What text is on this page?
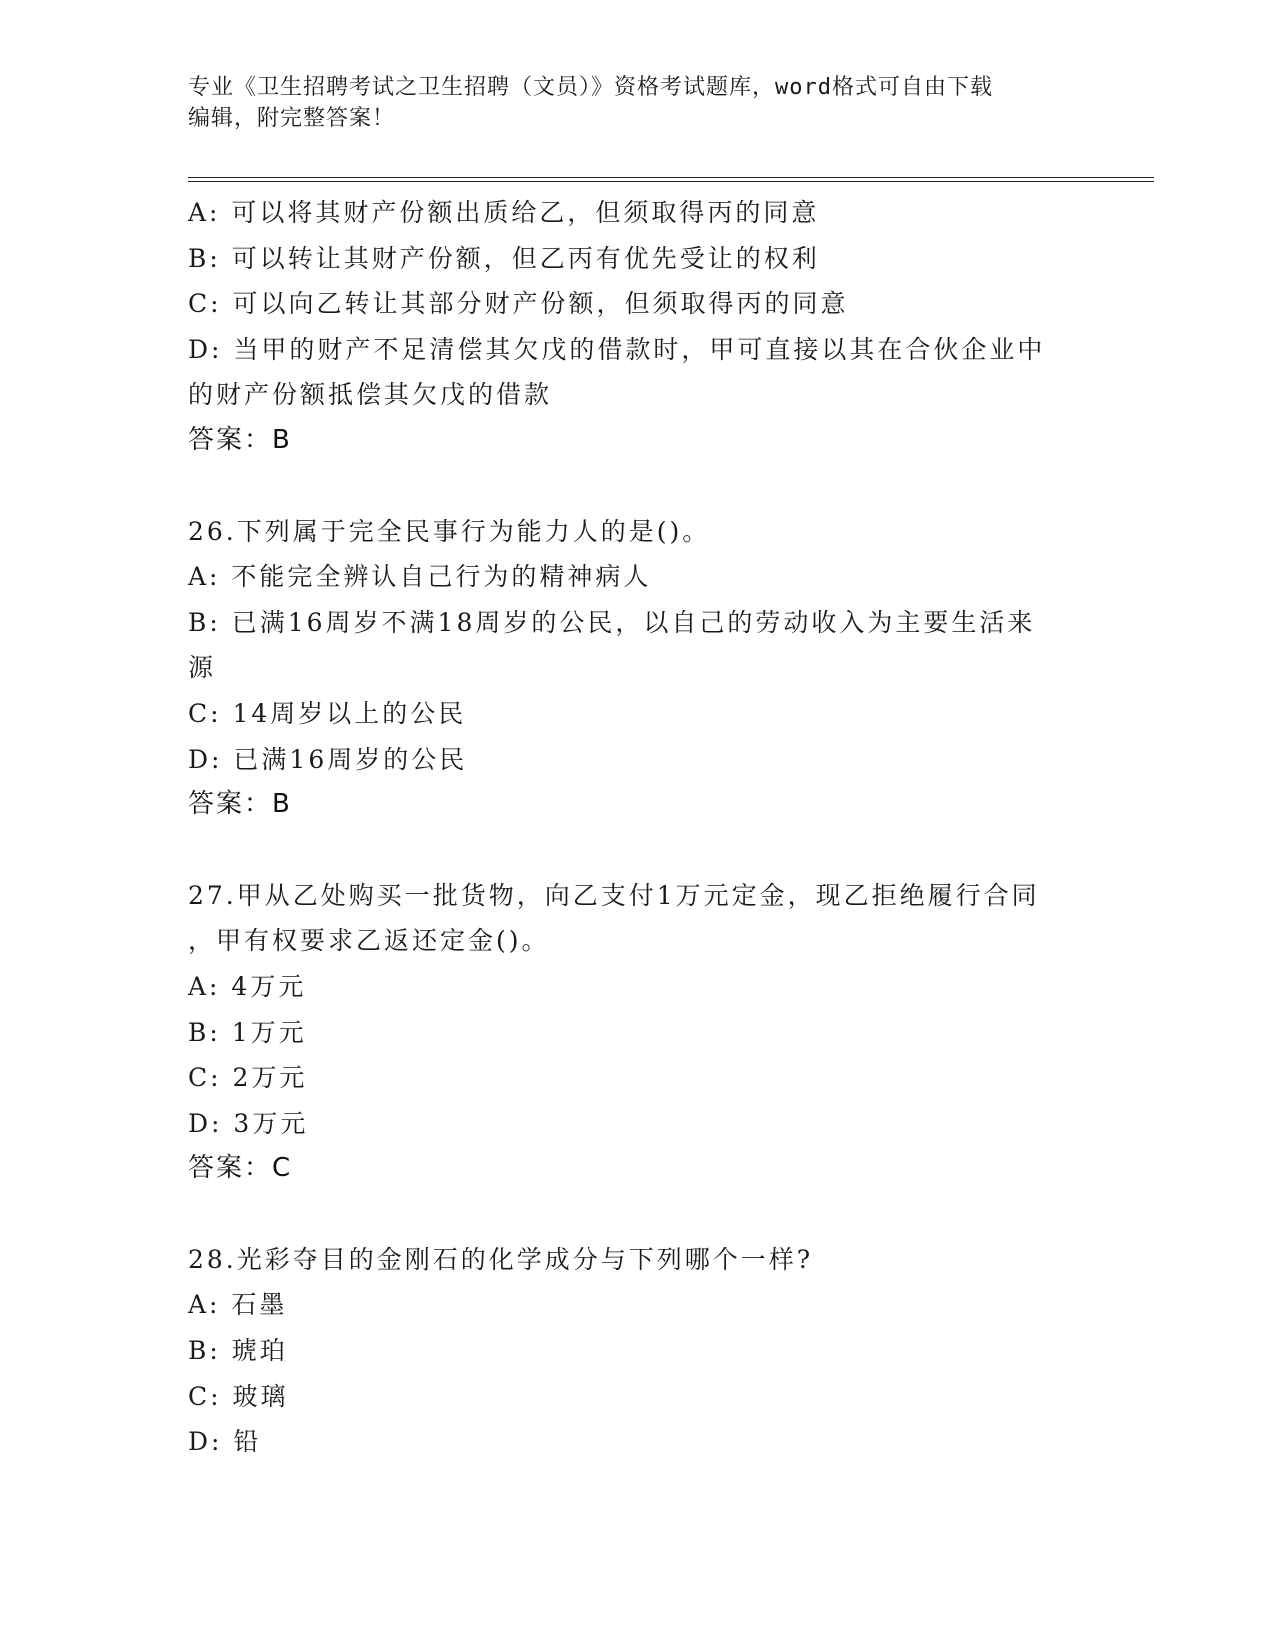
专业《卫生招聘考试之卫生招聘（文员）》资格考试题库，word格式可自由下载
编辑，附完整答案！
A: 可以将其财产份额出质给乙，但须取得丙的同意
B: 可以转让其财产份额，但乙丙有优先受让的权利
C: 可以向乙转让其部分财产份额，但须取得丙的同意
D: 当甲的财产不足清偿其欠戊的借款时，甲可直接以其在合伙企业中
的财产份额抵偿其欠戊的借款
答案：B
26.下列属于完全民事行为能力人的是()。
A: 不能完全辨认自己行为的精神病人
B: 已满16周岁不满18周岁的公民，以自己的劳动收入为主要生活来
源
C: 14周岁以上的公民
D: 已满16周岁的公民
答案：B
27.甲从乙处购买一批货物，向乙支付1万元定金，现乙拒绝履行合同
，甲有权要求乙返还定金()。
A: 4万元
B: 1万元
C: 2万元
D: 3万元
答案：C
28.光彩夺目的金刚石的化学成分与下列哪个一样?
A: 石墨
B: 琥珀
C: 玻璃
D: 铅
